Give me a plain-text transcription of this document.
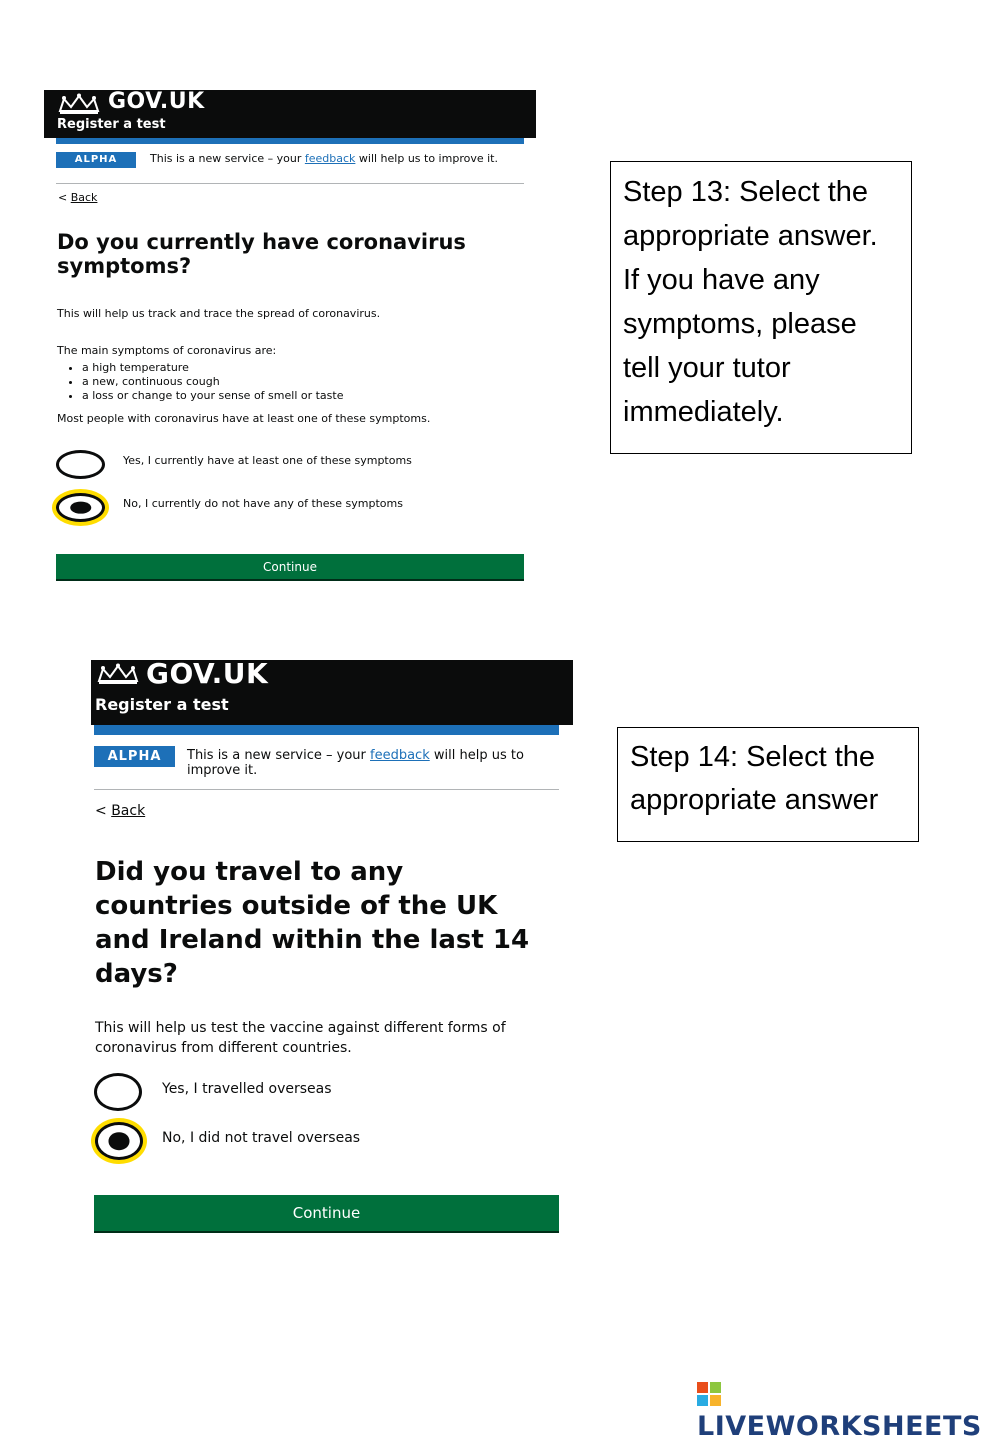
GOV.UK
Register a test
ALPHA	This is a new service – your feedback will help us to improve it.
< Back
Do you currently have coronavirus symptoms?

This will help us track and trace the spread of coronavirus.

The main symptoms of coronavirus are:

• a high temperature
• a new, continuous cough
• a loss or change to your sense of smell or taste

Most people with coronavirus have at least one of these symptoms.

Yes, I currently have at least one of these symptoms
No, I currently do not have any of these symptoms
Continue
GOV.UK
Register a test
ALPHA	This is a new service – your feedback will help us to improve it.
< Back
Did you travel to any countries outside of the UK and Ireland within the last 14 days?

This will help us test the vaccine against different forms of coronavirus from different countries.

Yes, I travelled overseas
No, I did not travel overseas
Continue

Step 13: Select the appropriate answer. If you have any symptoms, please tell your tutor immediately.

Step 14: Select the appropriate answer

LIVEWORKSHEETS
